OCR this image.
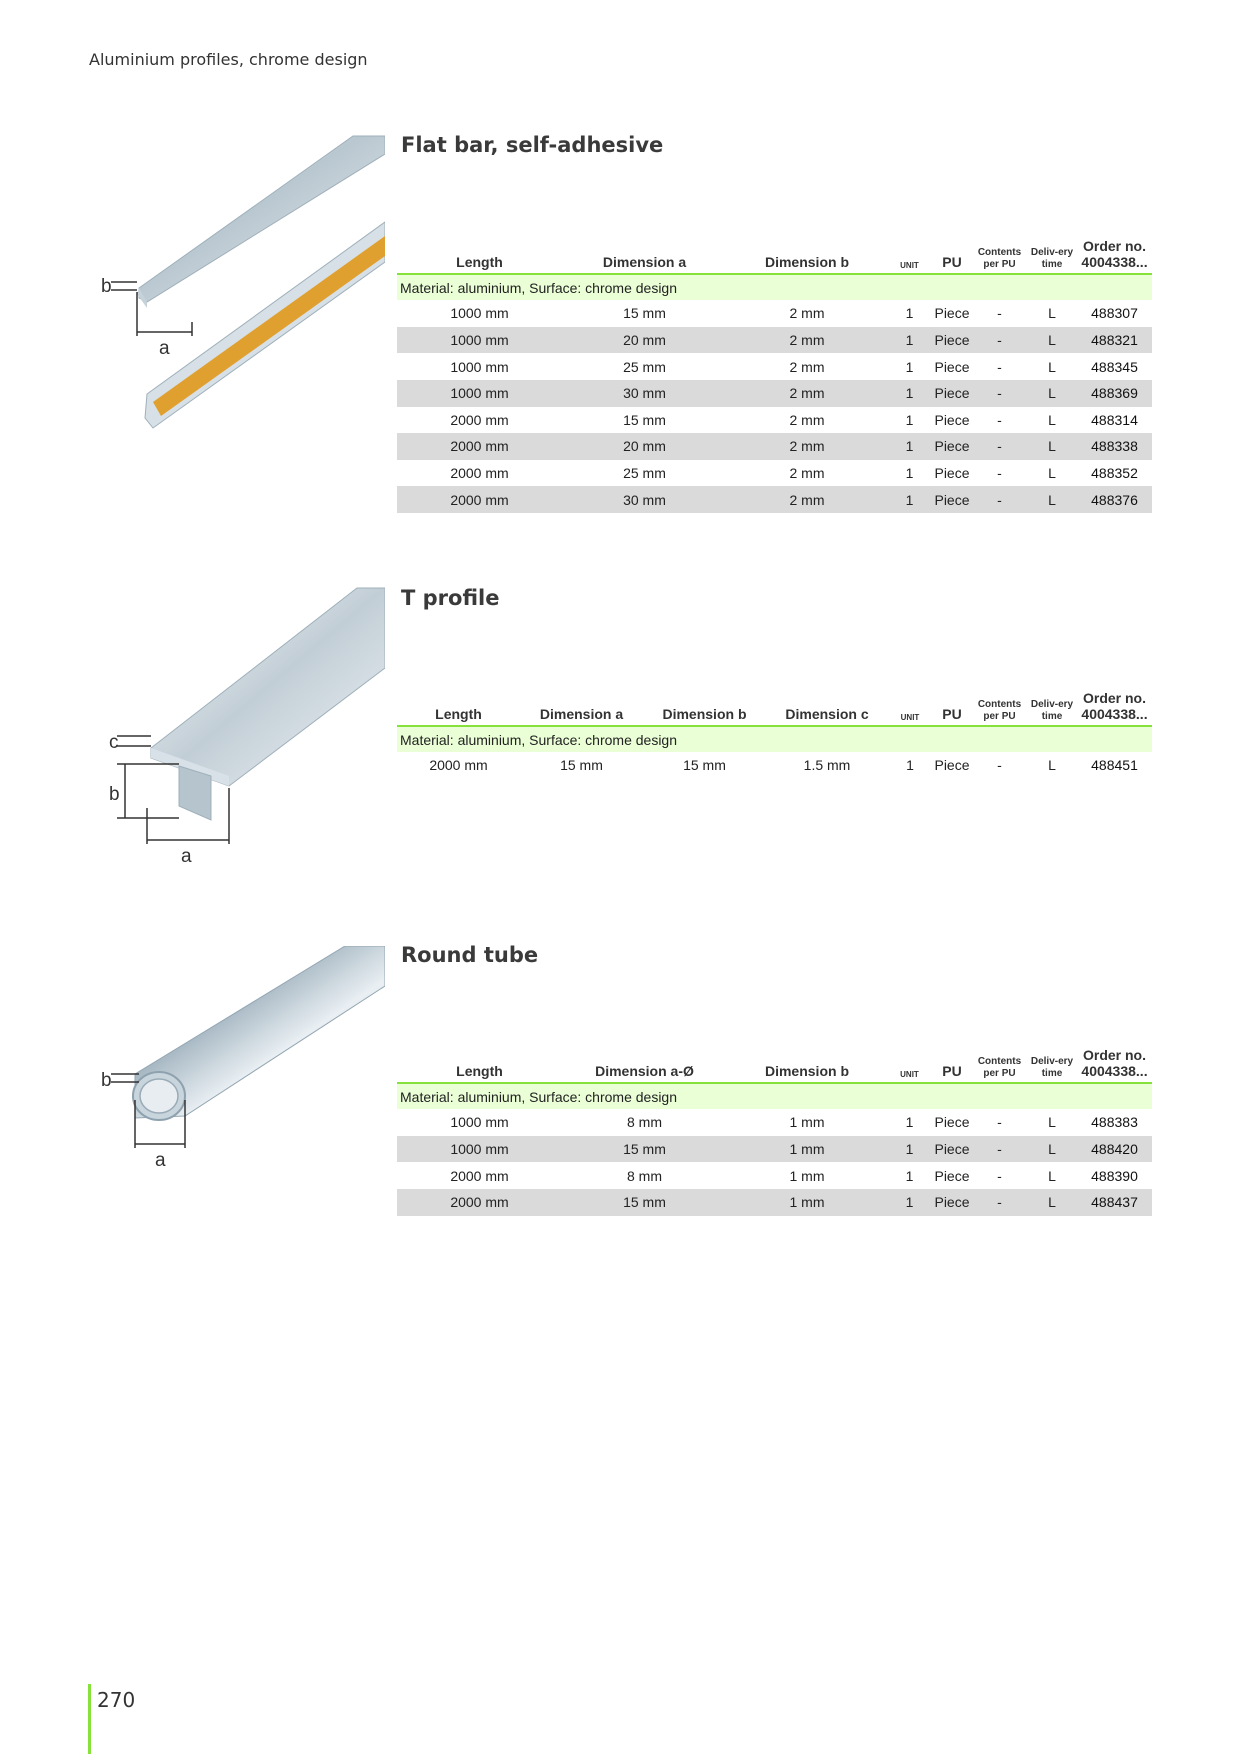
Aluminium profiles, chrome design
b
a
Flat bar, self-adhesive
Length	Dimension a	Dimension b	UNIT	PU	Contents per PU	Deliv-ery time	Order no. 4004338...
Material: aluminium, Surface: chrome design							
1000 mm	15 mm	2 mm	1	Piece	-	L	488307
1000 mm	20 mm	2 mm	1	Piece	-	L	488321
1000 mm	25 mm	2 mm	1	Piece	-	L	488345
1000 mm	30 mm	2 mm	1	Piece	-	L	488369
2000 mm	15 mm	2 mm	1	Piece	-	L	488314
2000 mm	20 mm	2 mm	1	Piece	-	L	488338
2000 mm	25 mm	2 mm	1	Piece	-	L	488352
2000 mm	30 mm	2 mm	1	Piece	-	L	488376
c
b
a
T profile
Length	Dimension a	Dimension b	Dimension c	UNIT	PU	Contents per PU	Deliv-ery time	Order no. 4004338...
Material: aluminium, Surface: chrome design								
2000 mm	15 mm	15 mm	1.5 mm	1	Piece	-	L	488451
b
a
Round tube
Length	Dimension a-Ø	Dimension b	UNIT	PU	Contents per PU	Deliv-ery time	Order no. 4004338...
Material: aluminium, Surface: chrome design							
1000 mm	8 mm	1 mm	1	Piece	-	L	488383
1000 mm	15 mm	1 mm	1	Piece	-	L	488420
2000 mm	8 mm	1 mm	1	Piece	-	L	488390
2000 mm	15 mm	1 mm	1	Piece	-	L	488437
270
